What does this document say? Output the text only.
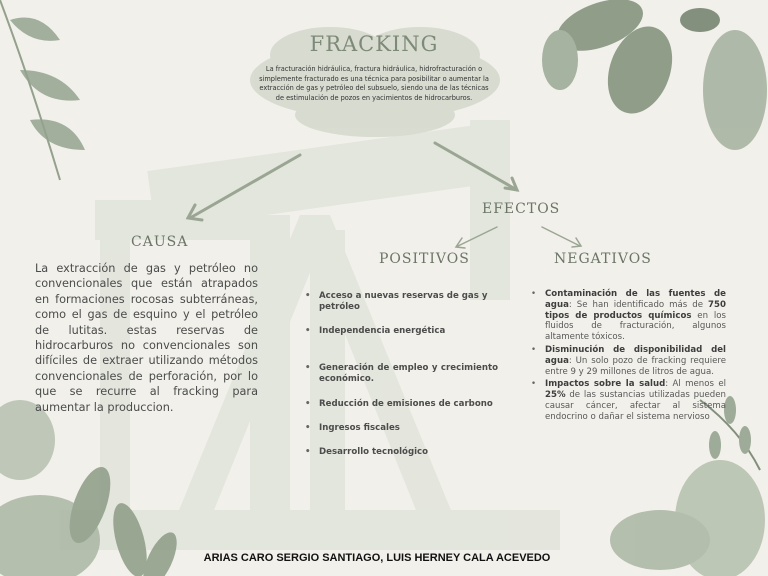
FRACKING
La fracturación hidráulica, fractura hidráulica, hidrofracturación o simplemente fracturado es una técnica para posibilitar o aumentar la extracción de gas y petróleo del subsuelo, siendo una de las técnicas de estimulación de pozos en yacimientos de hidrocarburos.
CAUSA
La extracción de gas y petróleo no convencionales que están atrapados en formaciones rocosas subterráneas, como el gas de esquino y el petróleo de lutitas. estas reservas de hidrocarburos no convencionales son difíciles de extraer utilizando métodos convencionales de perforación, por lo que se recurre al fracking para aumentar la produccion.
EFECTOS
POSITIVOS	NEGATIVOS
• Acceso a nuevas reservas de gas y petróleo
• Independencia energética
• Generación de empleo y crecimiento económico.
• Reducción de emisiones de carbono
• Ingresos fiscales
• Desarrollo tecnológico
• Contaminación de las fuentes de agua: Se han identificado más de 750 tipos de productos químicos en los fluidos de fracturación, algunos altamente tóxicos.
• Disminución de disponibilidad del agua: Un solo pozo de fracking requiere entre 9 y 29 millones de litros de agua.
• Impactos sobre la salud: Al menos el 25% de las sustancias utilizadas pueden causar cáncer, afectar al sistema endocrino o dañar el sistema nervioso
ARIAS CARO SERGIO SANTIAGO, LUIS HERNEY CALA ACEVEDO
